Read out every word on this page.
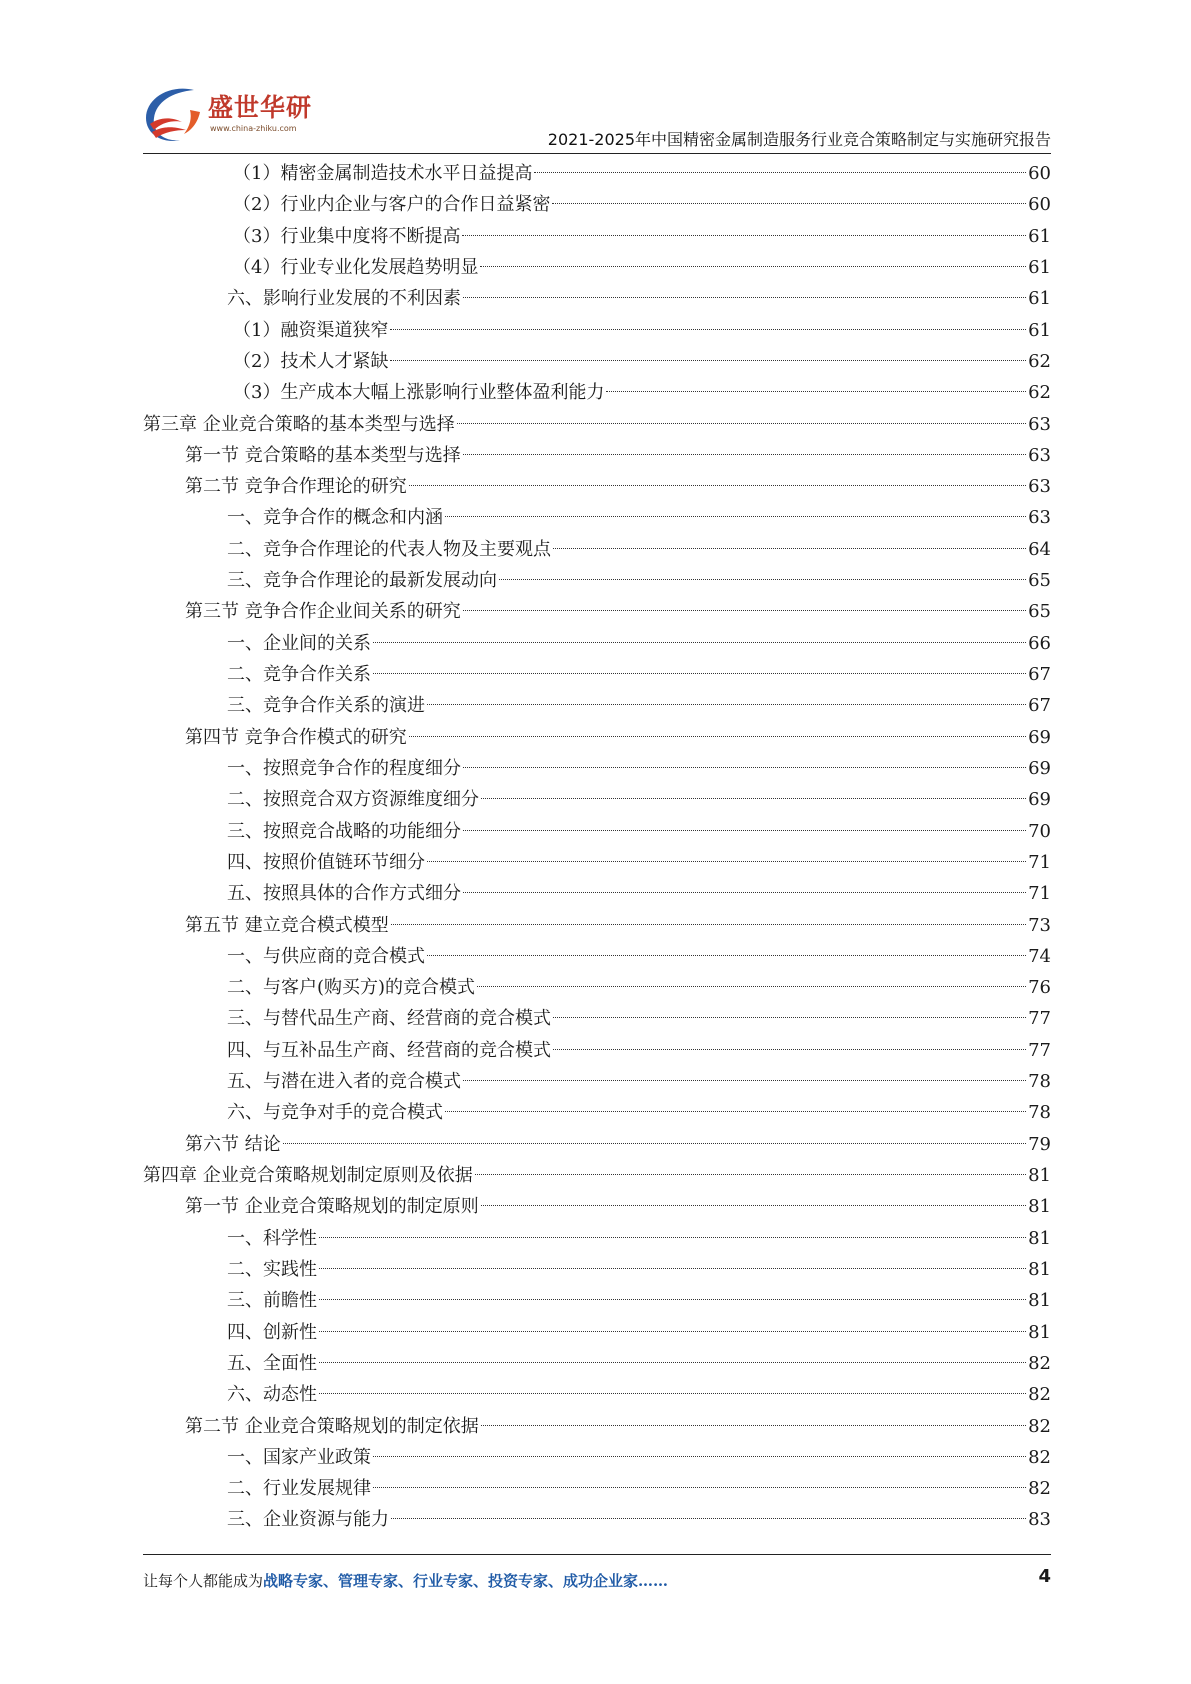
盛世华研
www.china-zhiku.com
2021-2025年中国精密金属制造服务行业竞合策略制定与实施研究报告
（1）精密金属制造技术水平日益提高	60
（2）行业内企业与客户的合作日益紧密	60
（3）行业集中度将不断提高	61
（4）行业专业化发展趋势明显	61
六、影响行业发展的不利因素	61
（1）融资渠道狭窄	61
（2）技术人才紧缺	62
（3）生产成本大幅上涨影响行业整体盈利能力	62
第三章 企业竞合策略的基本类型与选择	63
第一节 竞合策略的基本类型与选择	63
第二节 竞争合作理论的研究	63
一、竞争合作的概念和内涵	63
二、竞争合作理论的代表人物及主要观点	64
三、竞争合作理论的最新发展动向	65
第三节 竞争合作企业间关系的研究	65
一、企业间的关系	66
二、竞争合作关系	67
三、竞争合作关系的演进	67
第四节 竞争合作模式的研究	69
一、按照竞争合作的程度细分	69
二、按照竞合双方资源维度细分	69
三、按照竞合战略的功能细分	70
四、按照价值链环节细分	71
五、按照具体的合作方式细分	71
第五节 建立竞合模式模型	73
一、与供应商的竞合模式	74
二、与客户(购买方)的竞合模式	76
三、与替代品生产商、经营商的竞合模式	77
四、与互补品生产商、经营商的竞合模式	77
五、与潜在进入者的竞合模式	78
六、与竞争对手的竞合模式	78
第六节 结论	79
第四章 企业竞合策略规划制定原则及依据	81
第一节 企业竞合策略规划的制定原则	81
一、科学性	81
二、实践性	81
三、前瞻性	81
四、创新性	81
五、全面性	82
六、动态性	82
第二节 企业竞合策略规划的制定依据	82
一、国家产业政策	82
二、行业发展规律	82
三、企业资源与能力	83
让每个人都能成为战略专家、管理专家、行业专家、投资专家、成功企业家……	4
